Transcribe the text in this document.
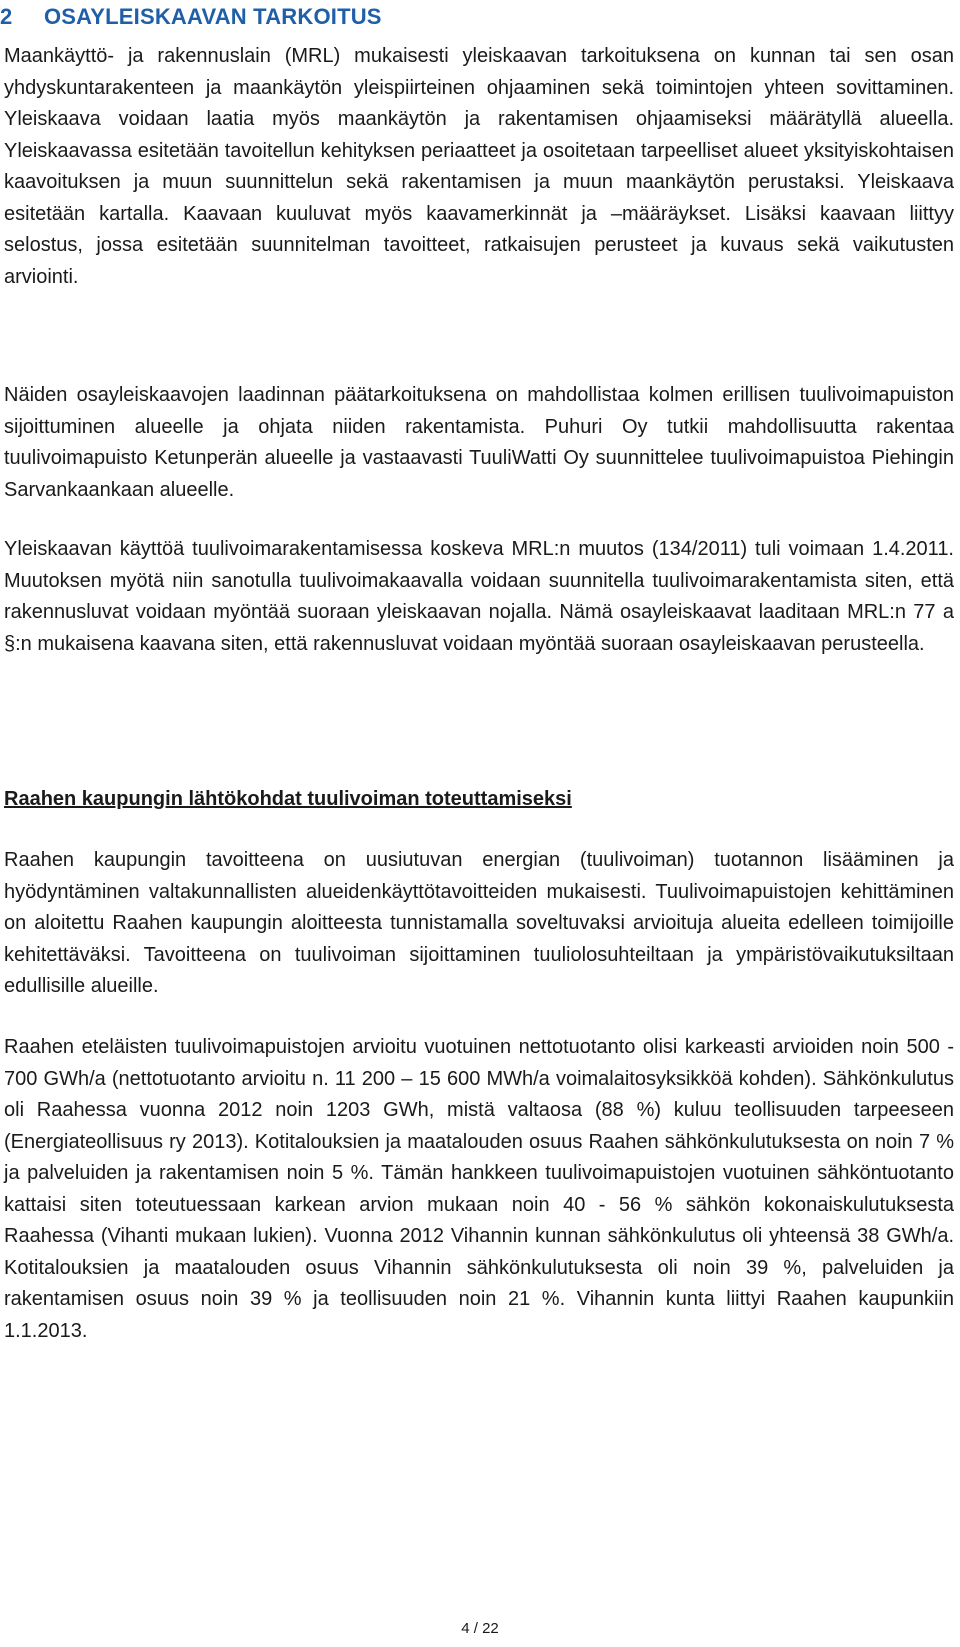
2 OSAYLEISKAAVAN TARKOITUS

Maankäyttö- ja rakennuslain (MRL) mukaisesti yleiskaavan tarkoituksena on kunnan tai sen osan yhdyskuntarakenteen ja maankäytön yleispiirteinen ohjaaminen sekä toimintojen yhteen sovittaminen. Yleiskaava voidaan laatia myös maankäytön ja rakentamisen ohjaamiseksi määrätyllä alueella. Yleiskaavassa esitetään tavoitellun kehityksen periaatteet ja osoitetaan tarpeelliset alueet yksityiskohtaisen kaavoituksen ja muun suunnittelun sekä rakentamisen ja muun maankäytön perustaksi. Yleiskaava esitetään kartalla. Kaavaan kuuluvat myös kaavamerkinnät ja –määräykset. Lisäksi kaavaan liittyy selostus, jossa esitetään suunnitelman tavoitteet, ratkaisujen perusteet ja kuvaus sekä vaikutusten arviointi.

Näiden osayleiskaavojen laadinnan päätarkoituksena on mahdollistaa kolmen erillisen tuulivoimapuiston sijoittuminen alueelle ja ohjata niiden rakentamista. Puhuri Oy tutkii mahdollisuutta rakentaa tuulivoimapuisto Ketunperän alueelle ja vastaavasti TuuliWatti Oy suunnittelee tuulivoimapuistoa Piehingin Sarvankaankaan alueelle.

Yleiskaavan käyttöä tuulivoimarakentamisessa koskeva MRL:n muutos (134/2011) tuli voimaan 1.4.2011. Muutoksen myötä niin sanotulla tuulivoimakaavalla voidaan suunnitella tuulivoimarakentamista siten, että rakennusluvat voidaan myöntää suoraan yleiskaavan nojalla. Nämä osayleiskaavat laaditaan MRL:n 77 a §:n mukaisena kaavana siten, että rakennusluvat voidaan myöntää suoraan osayleiskaavan perusteella.

Raahen kaupungin lähtökohdat tuulivoiman toteuttamiseksi

Raahen kaupungin tavoitteena on uusiutuvan energian (tuulivoiman) tuotannon lisääminen ja hyödyntäminen valtakunnallisten alueidenkäyttötavoitteiden mukaisesti. Tuulivoimapuistojen kehittäminen on aloitettu Raahen kaupungin aloitteesta tunnistamalla soveltuvaksi arvioituja alueita edelleen toimijoille kehitettäväksi. Tavoitteena on tuulivoiman sijoittaminen tuuliolosuhteiltaan ja ympäristövaikutuksiltaan edullisille alueille.

Raahen eteläisten tuulivoimapuistojen arvioitu vuotuinen nettotuotanto olisi karkeasti arvioiden noin 500 - 700 GWh/a (nettotuotanto arvioitu n. 11 200 – 15 600 MWh/a voimalaitosyksikköä kohden). Sähkönkulutus oli Raahessa vuonna 2012 noin 1203 GWh, mistä valtaosa (88 %) kuluu teollisuuden tarpeeseen (Energiateollisuus ry 2013). Kotitalouksien ja maatalouden osuus Raahen sähkönkulutuksesta on noin 7 % ja palveluiden ja rakentamisen noin 5 %. Tämän hankkeen tuulivoimapuistojen vuotuinen sähköntuotanto kattaisi siten toteutuessaan karkean arvion mukaan noin 40 - 56 % sähkön kokonaiskulutuksesta Raahessa (Vihanti mukaan lukien). Vuonna 2012 Vihannin kunnan sähkönkulutus oli yhteensä 38 GWh/a. Kotitalouksien ja maatalouden osuus Vihannin sähkönkulutuksesta oli noin 39 %, palveluiden ja rakentamisen osuus noin 39 % ja teollisuuden noin 21 %. Vihannin kunta liittyi Raahen kaupunkiin 1.1.2013.

4 / 22
